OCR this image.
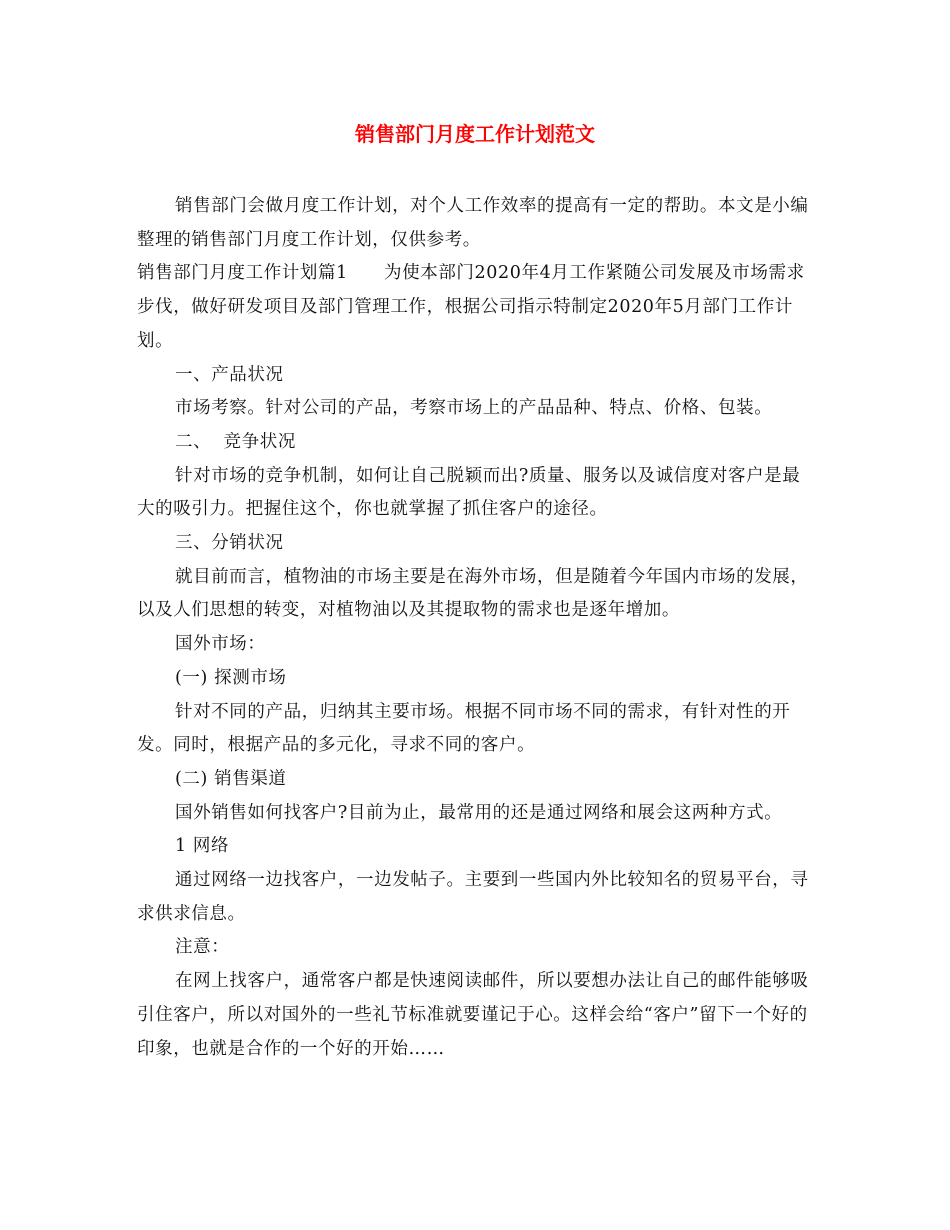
销售部门月度工作计划范文

销售部门会做月度工作计划，对个人工作效率的提高有一定的帮助。本文是小编整理的销售部门月度工作计划，仅供参考。

销售部门月度工作计划篇1　　为使本部门2020年4月工作紧随公司发展及市场需求步伐，做好研发项目及部门管理工作，根据公司指示特制定2020年5月部门工作计划。

一、产品状况

市场考察。针对公司的产品，考察市场上的产品品种、特点、价格、包装。

二、  竞争状况

针对市场的竞争机制，如何让自己脱颖而出?质量、服务以及诚信度对客户是最大的吸引力。把握住这个，你也就掌握了抓住客户的途径。

三、分销状况

就目前而言，植物油的市场主要是在海外市场，但是随着今年国内市场的发展，以及人们思想的转变，对植物油以及其提取物的需求也是逐年增加。

国外市场：

(一) 探测市场

针对不同的产品，归纳其主要市场。根据不同市场不同的需求，有针对性的开发。同时，根据产品的多元化，寻求不同的客户。

(二) 销售渠道

国外销售如何找客户?目前为止，最常用的还是通过网络和展会这两种方式。

1 网络

通过网络一边找客户，一边发帖子。主要到一些国内外比较知名的贸易平台，寻求供求信息。

注意：

在网上找客户，通常客户都是快速阅读邮件，所以要想办法让自己的邮件能够吸引住客户，所以对国外的一些礼节标准就要谨记于心。这样会给“客户”留下一个好的印象，也就是合作的一个好的开始……
